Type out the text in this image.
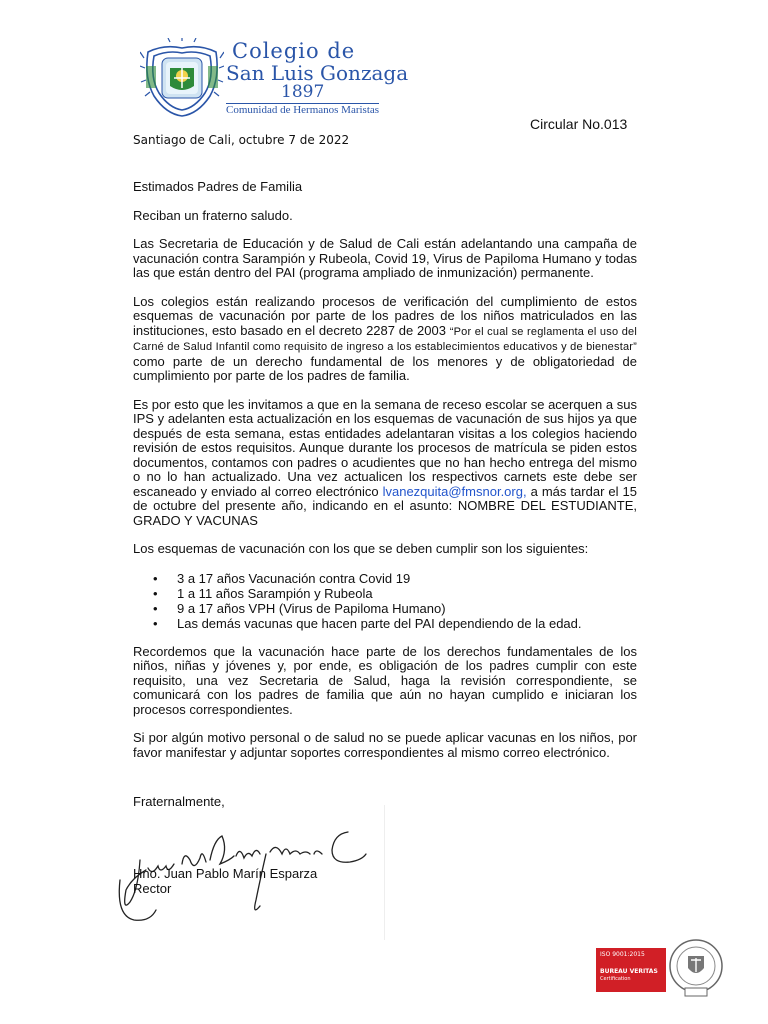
Colegio de
San Luis Gonzaga
1897
Comunidad de Hermanos Maristas
Circular No.013
Santiago de Cali, octubre 7 de 2022

Estimados Padres de Familia

Reciban un fraterno saludo.

Las Secretaria de Educación y de Salud de Cali están adelantando una campaña de vacunación contra Sarampión y Rubeola, Covid 19, Virus de Papiloma Humano y todas las que están dentro del PAI (programa ampliado de inmunización) permanente.

Los colegios están realizando procesos de verificación del cumplimiento de estos esquemas de vacunación por parte de los padres de los niños matriculados en las instituciones, esto basado en el decreto 2287 de 2003 “Por el cual se reglamenta el uso del Carné de Salud Infantil como requisito de ingreso a los establecimientos educativos y de bienestar” como parte de un derecho fundamental de los menores y de obligatoriedad de cumplimiento por parte de los padres de familia.

Es por esto que les invitamos a que en la semana de receso escolar se acerquen a sus IPS y adelanten esta actualización en los esquemas de vacunación de sus hijos ya que después de esta semana, estas entidades adelantaran visitas a los colegios haciendo revisión de estos requisitos. Aunque durante los procesos de matrícula se piden estos documentos, contamos con padres o acudientes que no han hecho entrega del mismo o no lo han actualizado. Una vez actualicen los respectivos carnets este debe ser escaneado y enviado al correo electrónico lvanezquita@fmsnor.org, a más tardar el 15 de octubre del presente año, indicando en el asunto: NOMBRE DEL ESTUDIANTE, GRADO Y VACUNAS

Los esquemas de vacunación con los que se deben cumplir son los siguientes:

• 3 a 17 años Vacunación contra Covid 19
• 1 a 11 años Sarampión y Rubeola
• 9 a 17 años VPH (Virus de Papiloma Humano)
• Las demás vacunas que hacen parte del PAI dependiendo de la edad.

Recordemos que la vacunación hace parte de los derechos fundamentales de los niños, niñas y jóvenes y, por ende, es obligación de los padres cumplir con este requisito, una vez Secretaria de Salud, haga la revisión correspondiente, se comunicará con los padres de familia que aún no hayan cumplido e iniciaran los procesos correspondientes.

Si por algún motivo personal o de salud no se puede aplicar vacunas en los niños, por favor manifestar y adjuntar soportes correspondientes al mismo correo electrónico.

Fraternalmente,
Hno. Juan Pablo Marín Esparza
Rector
ISO 9001:2015
BUREAU VERITAS
Certification
